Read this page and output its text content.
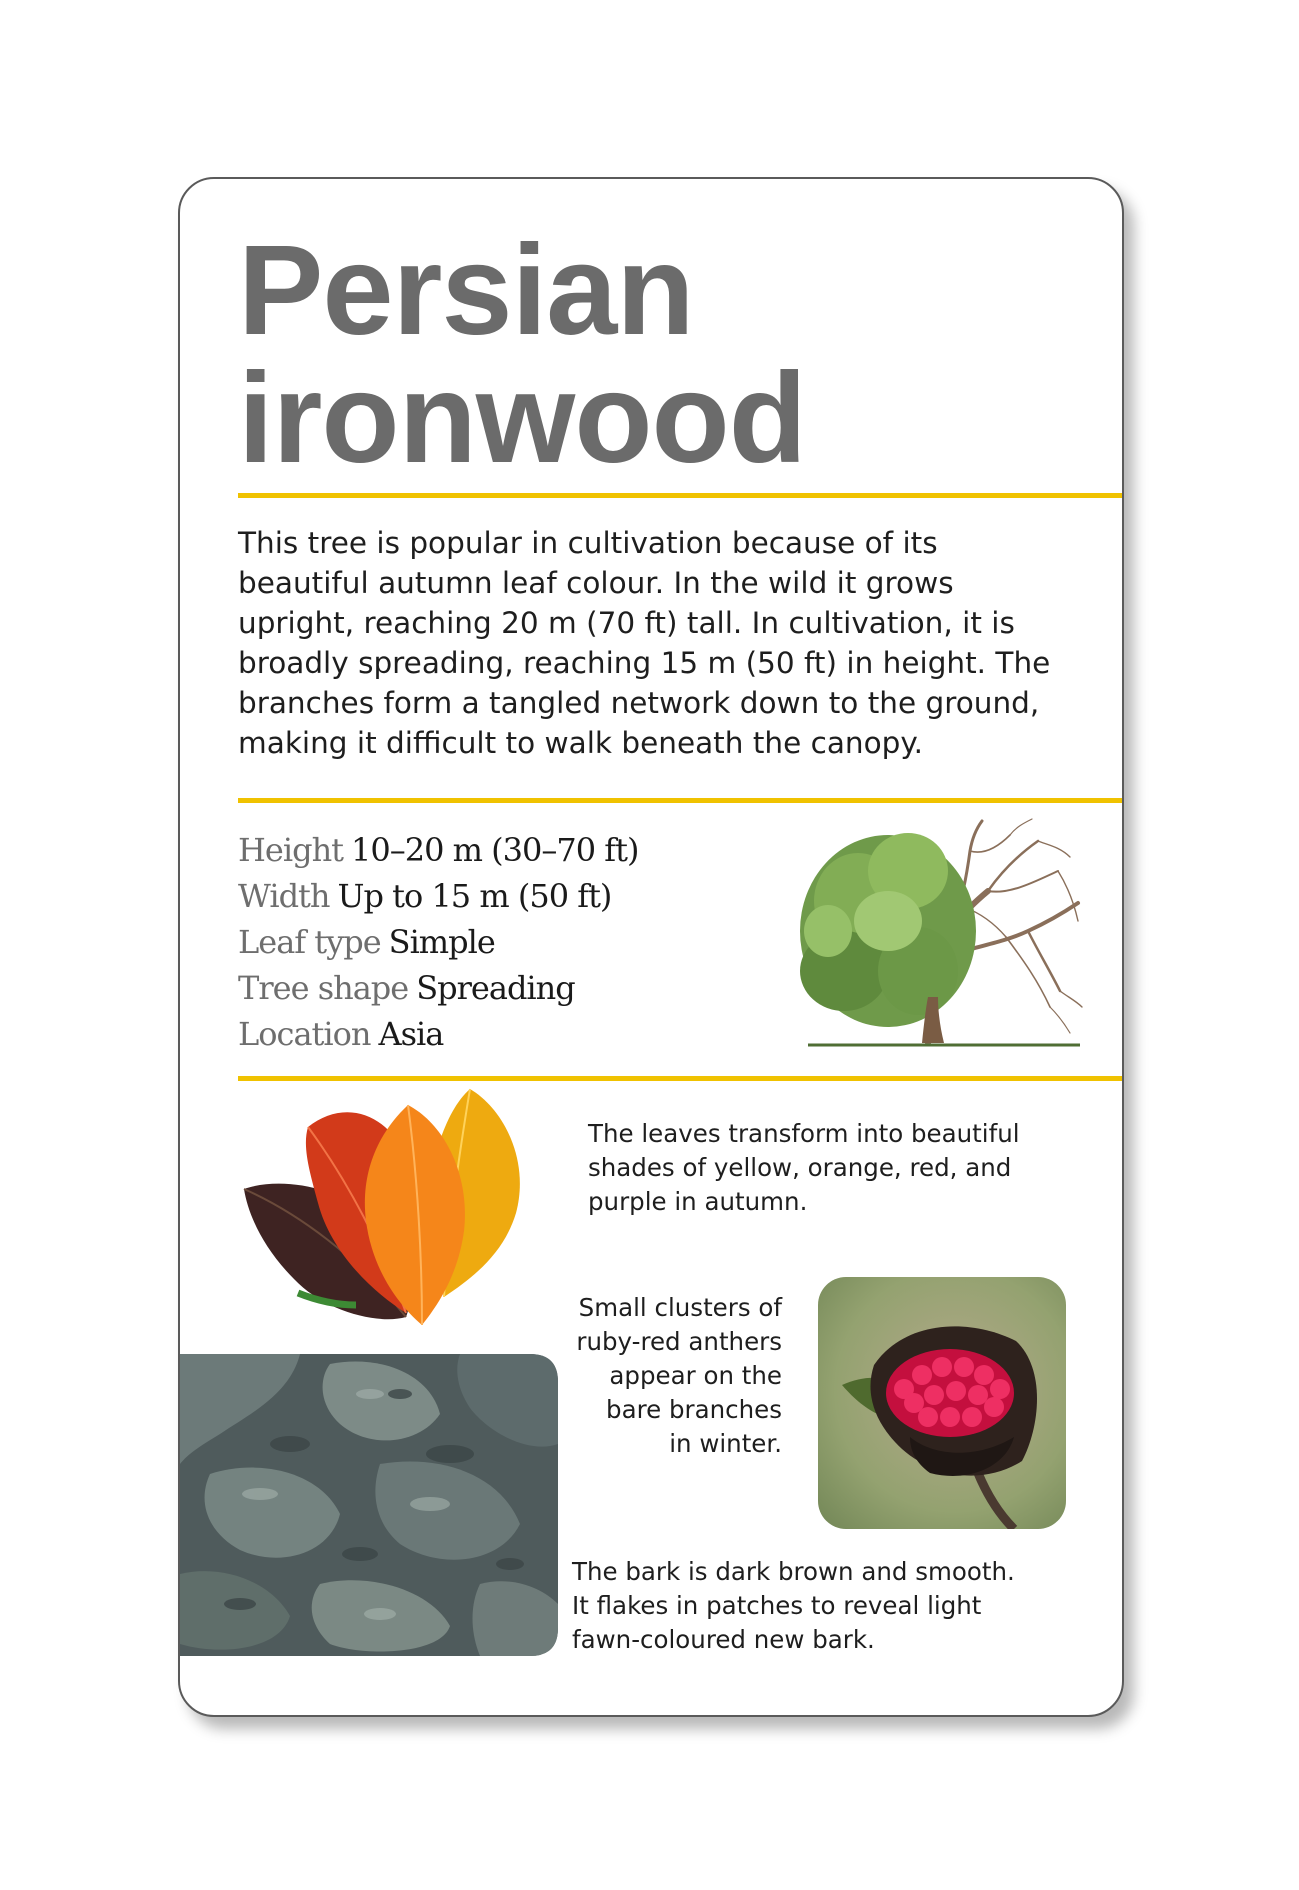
Persian
ironwood

This tree is popular in cultivation because of its beautiful autumn leaf colour. In the wild it grows upright, reaching 20 m (70 ft) tall. In cultivation, it is broadly spreading, reaching 15 m (50 ft) in height. The branches form a tangled network down to the ground, making it difficult to walk beneath the canopy.

Height 10–20 m (30–70 ft)
Width Up to 15 m (50 ft)
Leaf type Simple
Tree shape Spreading
Location Asia

The leaves transform into beautiful
shades of yellow, orange, red, and
purple in autumn.

Small clusters of
ruby-red anthers
appear on the
bare branches
in winter.

The bark is dark brown and smooth.
It flakes in patches to reveal light
fawn-coloured new bark.
